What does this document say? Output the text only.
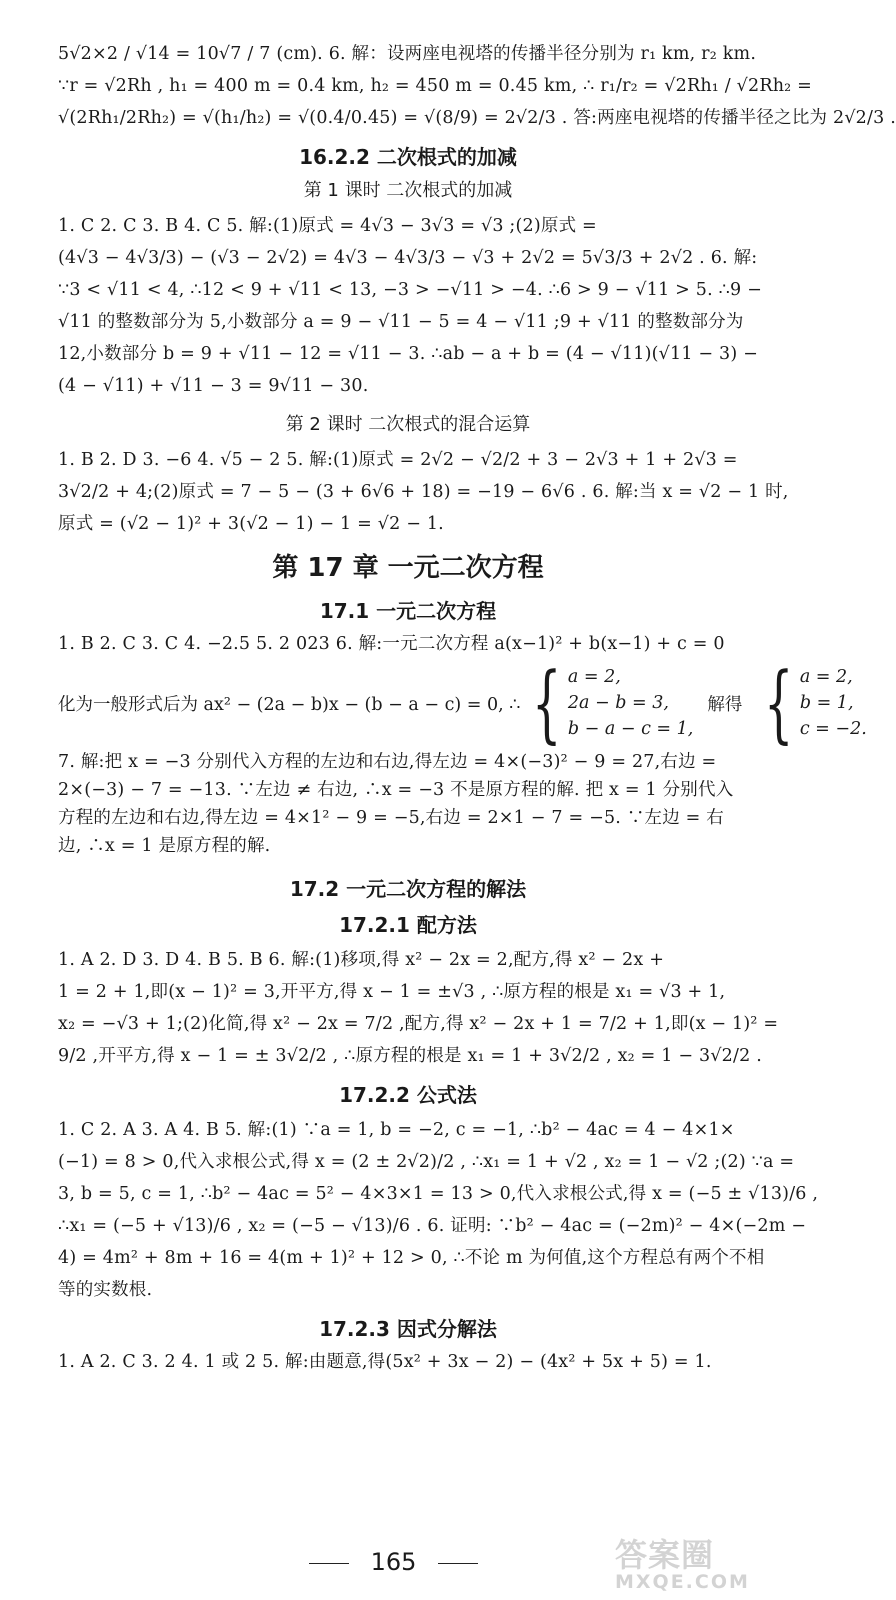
5√2×2 / √14 = 10√7 / 7 (cm). 6. 解：设两座电视塔的传播半径分别为 r₁ km, r₂ km.

∵r = √2Rh , h₁ = 400 m = 0.4 km, h₂ = 450 m = 0.45 km, ∴ r₁/r₂ = √2Rh₁ / √2Rh₂ =

√(2Rh₁/2Rh₂) = √(h₁/h₂) = √(0.4/0.45) = √(8/9) = 2√2/3 . 答:两座电视塔的传播半径之比为 2√2/3 .

16.2.2 二次根式的加减
第 1 课时 二次根式的加减

1. C 2. C 3. B 4. C 5. 解:(1)原式 = 4√3 − 3√3 = √3 ;(2)原式 =

(4√3 − 4√3/3) − (√3 − 2√2) = 4√3 − 4√3/3 − √3 + 2√2 = 5√3/3 + 2√2 . 6. 解:

∵3 < √11 < 4, ∴12 < 9 + √11 < 13, −3 > −√11 > −4. ∴6 > 9 − √11 > 5. ∴9 −

√11 的整数部分为 5,小数部分 a = 9 − √11 − 5 = 4 − √11 ;9 + √11 的整数部分为

12,小数部分 b = 9 + √11 − 12 = √11 − 3. ∴ab − a + b = (4 − √11)(√11 − 3) −

(4 − √11) + √11 − 3 = 9√11 − 30.

第 2 课时 二次根式的混合运算

1. B 2. D 3. −6 4. √5 − 2 5. 解:(1)原式 = 2√2 − √2/2 + 3 − 2√3 + 1 + 2√3 =

3√2/2 + 4;(2)原式 = 7 − 5 − (3 + 6√6 + 18) = −19 − 6√6 . 6. 解:当 x = √2 − 1 时,

原式 = (√2 − 1)² + 3(√2 − 1) − 1 = √2 − 1.

第 17 章 一元二次方程
17.1 一元二次方程

1. B 2. C 3. C 4. −2.5 5. 2 023 6. 解:一元二次方程 a(x−1)² + b(x−1) + c = 0

化为一般形式后为 ax² − (2a − b)x − (b − a − c) = 0, ∴ { a = 2,
2a − b = 3,
b − a − c = 1,
解得 { a = 2,
b = 1,
c = −2.

7. 解:把 x = −3 分别代入方程的左边和右边,得左边 = 4×(−3)² − 9 = 27,右边 =

2×(−3) − 7 = −13. ∵左边 ≠ 右边, ∴x = −3 不是原方程的解. 把 x = 1 分别代入

方程的左边和右边,得左边 = 4×1² − 9 = −5,右边 = 2×1 − 7 = −5. ∵左边 = 右

边, ∴x = 1 是原方程的解.

17.2 一元二次方程的解法
17.2.1 配方法

1. A 2. D 3. D 4. B 5. B 6. 解:(1)移项,得 x² − 2x = 2,配方,得 x² − 2x +

1 = 2 + 1,即(x − 1)² = 3,开平方,得 x − 1 = ±√3 , ∴原方程的根是 x₁ = √3 + 1,

x₂ = −√3 + 1;(2)化简,得 x² − 2x = 7/2 ,配方,得 x² − 2x + 1 = 7/2 + 1,即(x − 1)² =

9/2 ,开平方,得 x − 1 = ± 3√2/2 , ∴原方程的根是 x₁ = 1 + 3√2/2 , x₂ = 1 − 3√2/2 .

17.2.2 公式法

1. C 2. A 3. A 4. B 5. 解:(1) ∵a = 1, b = −2, c = −1, ∴b² − 4ac = 4 − 4×1×

(−1) = 8 > 0,代入求根公式,得 x = (2 ± 2√2)/2 , ∴x₁ = 1 + √2 , x₂ = 1 − √2 ;(2) ∵a =

3, b = 5, c = 1, ∴b² − 4ac = 5² − 4×3×1 = 13 > 0,代入求根公式,得 x = (−5 ± √13)/6 ,

∴x₁ = (−5 + √13)/6 , x₂ = (−5 − √13)/6 . 6. 证明: ∵b² − 4ac = (−2m)² − 4×(−2m −

4) = 4m² + 8m + 16 = 4(m + 1)² + 12 > 0, ∴不论 m 为何值,这个方程总有两个不相

等的实数根.

17.2.3 因式分解法

1. A 2. C 3. 2 4. 1 或 2 5. 解:由题意,得(5x² + 3x − 2) − (4x² + 5x + 5) = 1.

165	答案圈
MXQE.COM
